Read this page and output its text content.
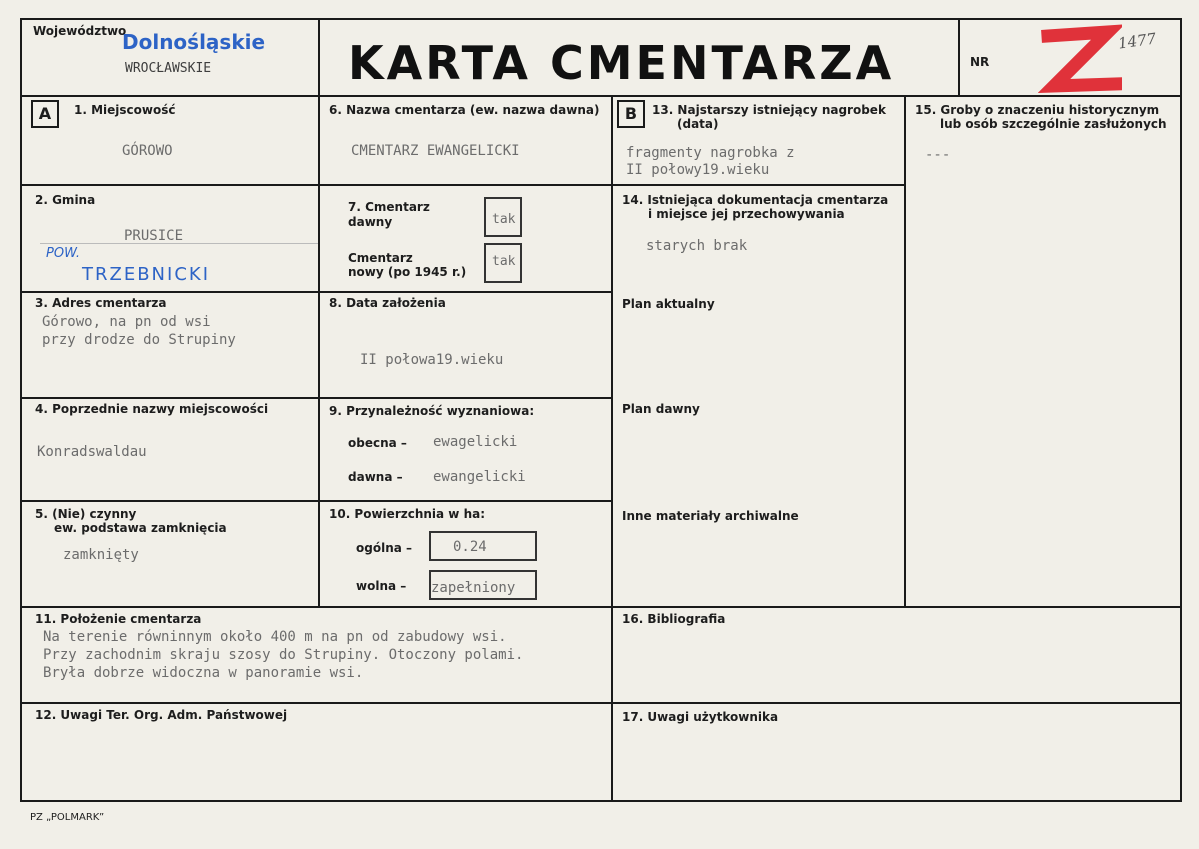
Województwo
Dolnośląskie
WROCŁAWSKIE	KARTA CMENTARZA	NR
1477
A	B
1. Miejscowość
GÓROWO
2. Gmina
PRUSICE
POW.
TRZEBNICKI
3. Adres cmentarza
Górowo, na pn od wsi
przy drodze do Strupiny
4. Poprzednie nazwy miejscowości
Konradswaldau
5. (Nie) czynny
ew. podstawa zamknięcia
zamknięty
6. Nazwa cmentarza (ew. nazwa dawna)
CMENTARZ EWANGELICKI
7. Cmentarz
dawny	tak
Cmentarz
nowy (po 1945 r.)
tak
8. Data założenia
II połowa19.wieku
9. Przynależność wyznaniowa:
obecna – ewagelicki
dawna – ewangelicki
10. Powierzchnia w ha:
ogólna –	0.24
wolna – zapełniony
13. Najstarszy istniejący nagrobek
(data)
fragmenty nagrobka z
II połowy19.wieku
14. Istniejąca dokumentacja cmentarza
i miejsce jej przechowywania
starych brak
Plan aktualny
Plan dawny
Inne materiały archiwalne
15. Groby o znaczeniu historycznym
lub osób szczególnie zasłużonych
---
11. Położenie cmentarza
Na terenie równinnym około 400 m na pn od zabudowy wsi.
Przy zachodnim skraju szosy do Strupiny. Otoczony polami.
Bryła dobrze widoczna w panoramie wsi.
16. Bibliografia
12. Uwagi Ter. Org. Adm. Państwowej	17. Uwagi użytkownika
PZ „POLMARK”
